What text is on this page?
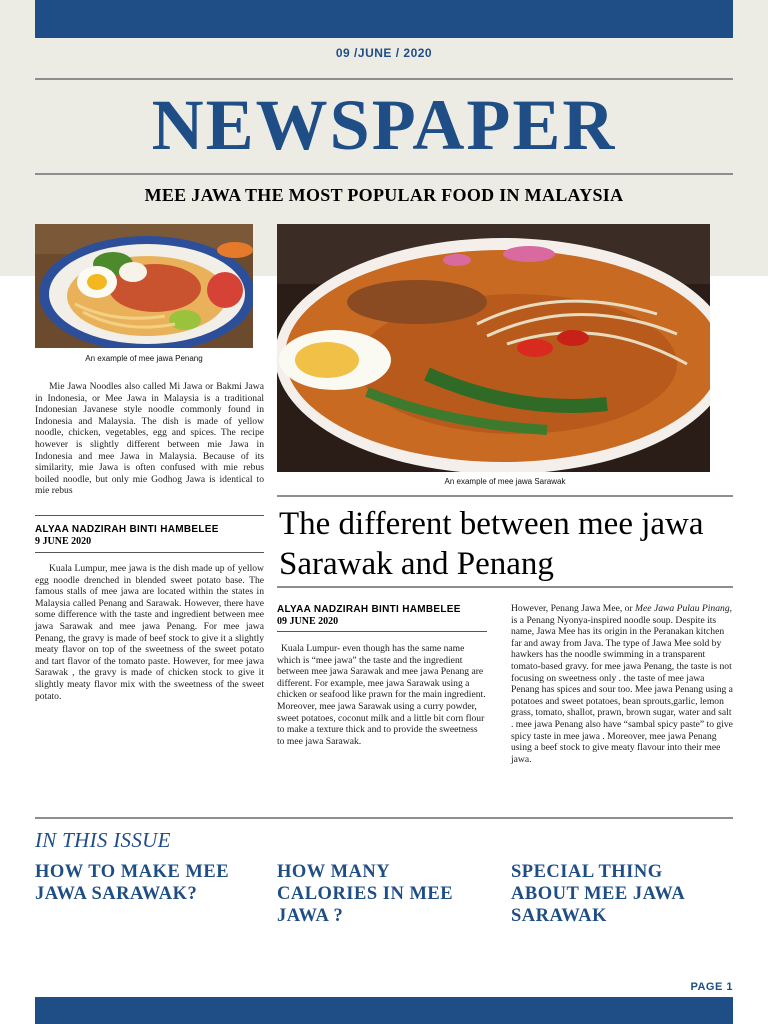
09 /JUNE / 2020
NEWSPAPER
MEE JAWA THE MOST POPULAR FOOD IN MALAYSIA
An example of mee jawa Penang
An example of mee jawa Sarawak
Mie Jawa Noodles also called Mi Jawa or Bakmi Jawa in Indonesia, or Mee Jawa in Malaysia is a traditional Indonesian Javanese style noodle commonly found in Indonesia and Malaysia. The dish is made of yellow noodle, chicken, vegetables, egg and spices. The recipe however is slightly different between mie Jawa in Indonesia and mee Jawa in Malaysia. Because of its similarity, mie Jawa is often confused with mie rebus boiled noodle, but only mie Godhog Jawa is identical to mie rebus
ALYAA NADZIRAH BINTI HAMBELEE
9 JUNE 2020
Kuala Lumpur, mee jawa is the dish made up of yellow egg noodle drenched in blended sweet potato base. The famous stalls of mee jawa are located within the states in Malaysia called Penang and Sarawak. However, there have some difference with the taste and ingredient between mee jawa Sarawak and mee jawa Penang. For mee jawa Penang, the gravy is made of beef stock to give it a slightly meaty flavor on top of the sweetness of the sweet potato and tart flavor of the tomato paste. However, for mee jawa Sarawak , the gravy is made of chicken stock to give it slightly meaty flavor mix with the sweetness of the sweet potato.
The different between mee jawa Sarawak and Penang
ALYAA NADZIRAH BINTI HAMBELEE
09 JUNE 2020
Kuala Lumpur- even though has the same name which is “mee jawa” the taste and the ingredient between mee jawa Sarawak and mee jawa Penang are different. For example, mee jawa Sarawak using a chicken or seafood like prawn for the main ingredient. Moreover, mee jawa Sarawak using a curry powder, sweet potatoes, coconut milk and a little bit corn flour to make a texture thick and to provide the sweetness to mee jawa Sarawak.
However, Penang Jawa Mee, or Mee Jawa Pulau Pinang, is a Penang Nyonya-inspired noodle soup. Despite its name, Jawa Mee has its origin in the Peranakan kitchen far and away from Java. The type of Jawa Mee sold by hawkers has the noodle swimming in a transparent tomato-based gravy. for mee jawa Penang, the taste is not focusing on sweetness only . the taste of mee jawa Penang has spices and sour too. Mee jawa Penang using a potatoes and sweet potatoes, bean sprouts,garlic, lemon grass, tomato, shallot, prawn, brown sugar, water and salt . mee jawa Penang also have “sambal spicy paste” to give spicy taste in mee jawa . Moreover, mee jawa Penang using a beef stock to give meaty flavour into their mee jawa.
IN THIS ISSUE
HOW TO MAKE MEE JAWA SARAWAK?
HOW MANY CALORIES IN MEE JAWA ?
SPECIAL THING ABOUT MEE JAWA SARAWAK
PAGE 1
